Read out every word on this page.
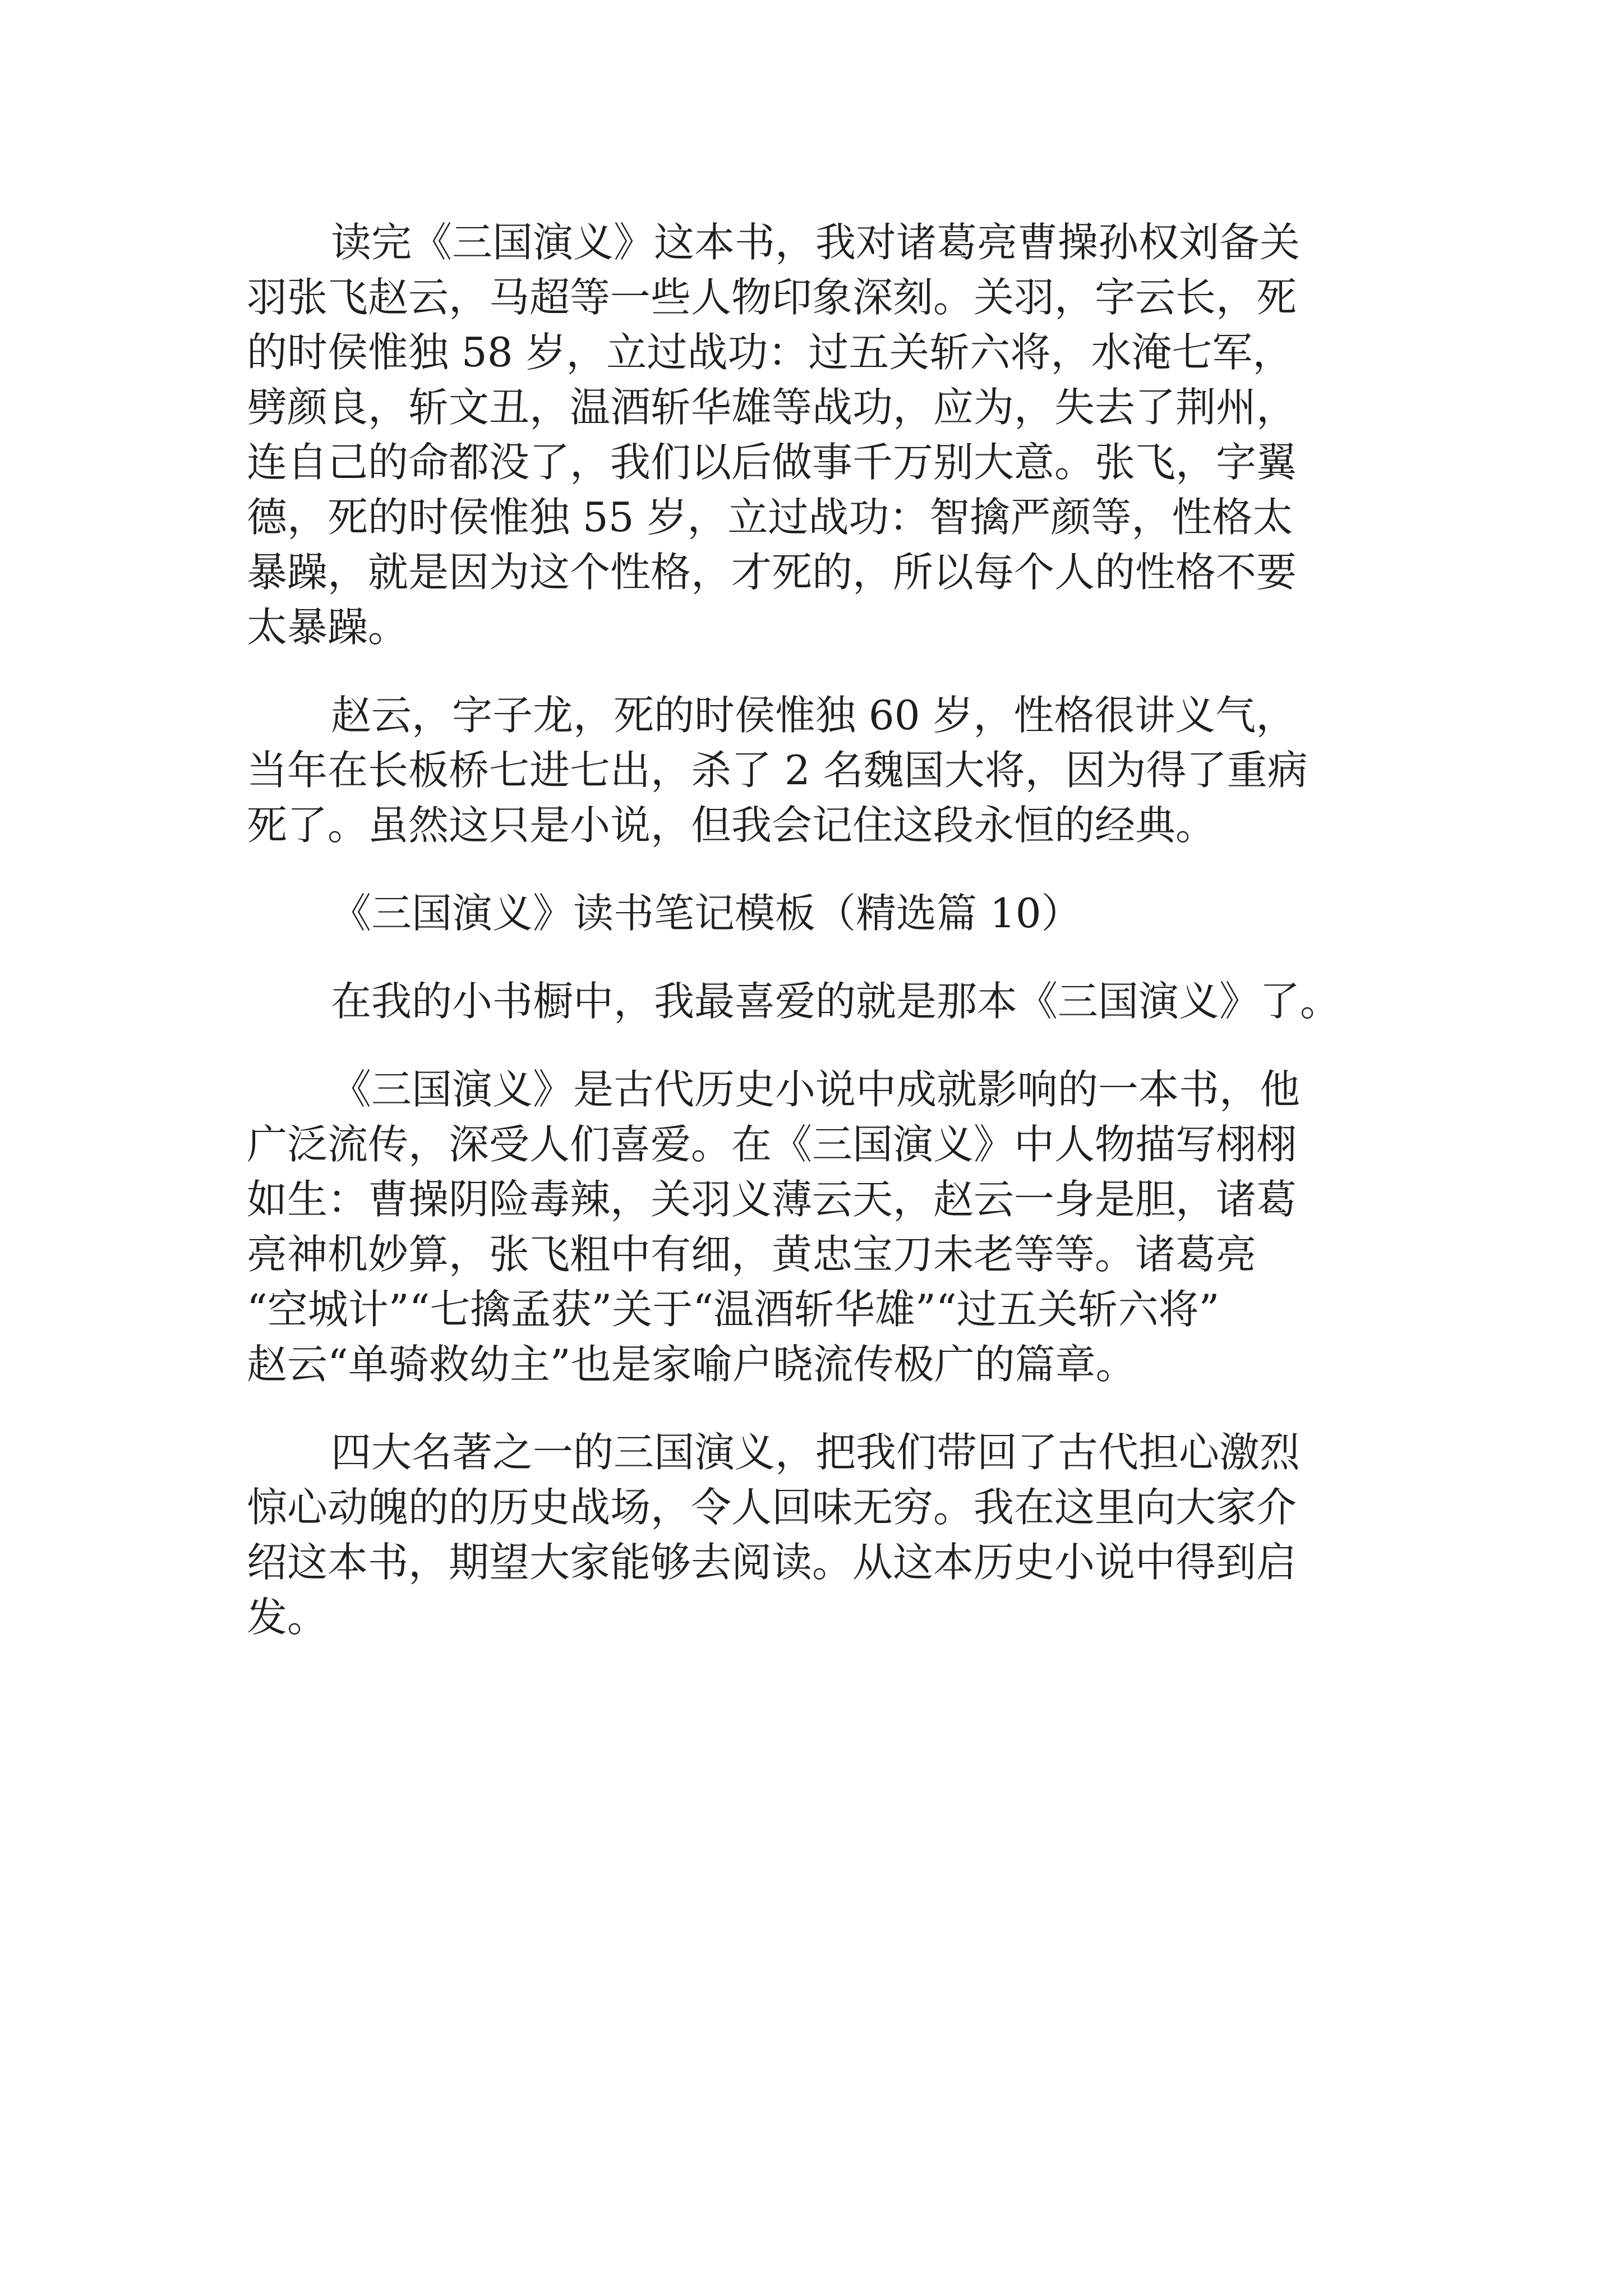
读完《三国演义》这本书，我对诸葛亮曹操孙权刘备关
羽张飞赵云，马超等一些人物印象深刻。关羽，字云长，死
的时侯惟独 58 岁，立过战功：过五关斩六将，水淹七军，
劈颜良，斩文丑，温酒斩华雄等战功，应为，失去了荆州，
连自己的命都没了，我们以后做事千万别大意。张飞，字翼
德，死的时侯惟独 55 岁，立过战功：智擒严颜等，性格太
暴躁，就是因为这个性格，才死的，所以每个人的性格不要
太暴躁。
赵云，字子龙，死的时侯惟独 60 岁，性格很讲义气，
当年在长板桥七进七出，杀了 2 名魏国大将，因为得了重病
死了。虽然这只是小说，但我会记住这段永恒的经典。
《三国演义》读书笔记模板（精选篇 10）
在我的小书橱中，我最喜爱的就是那本《三国演义》了。
《三国演义》是古代历史小说中成就影响的一本书，他
广泛流传，深受人们喜爱。在《三国演义》中人物描写栩栩
如生：曹操阴险毒辣，关羽义薄云天，赵云一身是胆，诸葛
亮神机妙算，张飞粗中有细，黄忠宝刀未老等等。诸葛亮
“空城计”“七擒孟获”关于“温酒斩华雄”“过五关斩六将”
赵云“单骑救幼主”也是家喻户晓流传极广的篇章。
四大名著之一的三国演义，把我们带回了古代担心激烈
惊心动魄的的历史战场，令人回味无穷。我在这里向大家介
绍这本书，期望大家能够去阅读。从这本历史小说中得到启
发。
